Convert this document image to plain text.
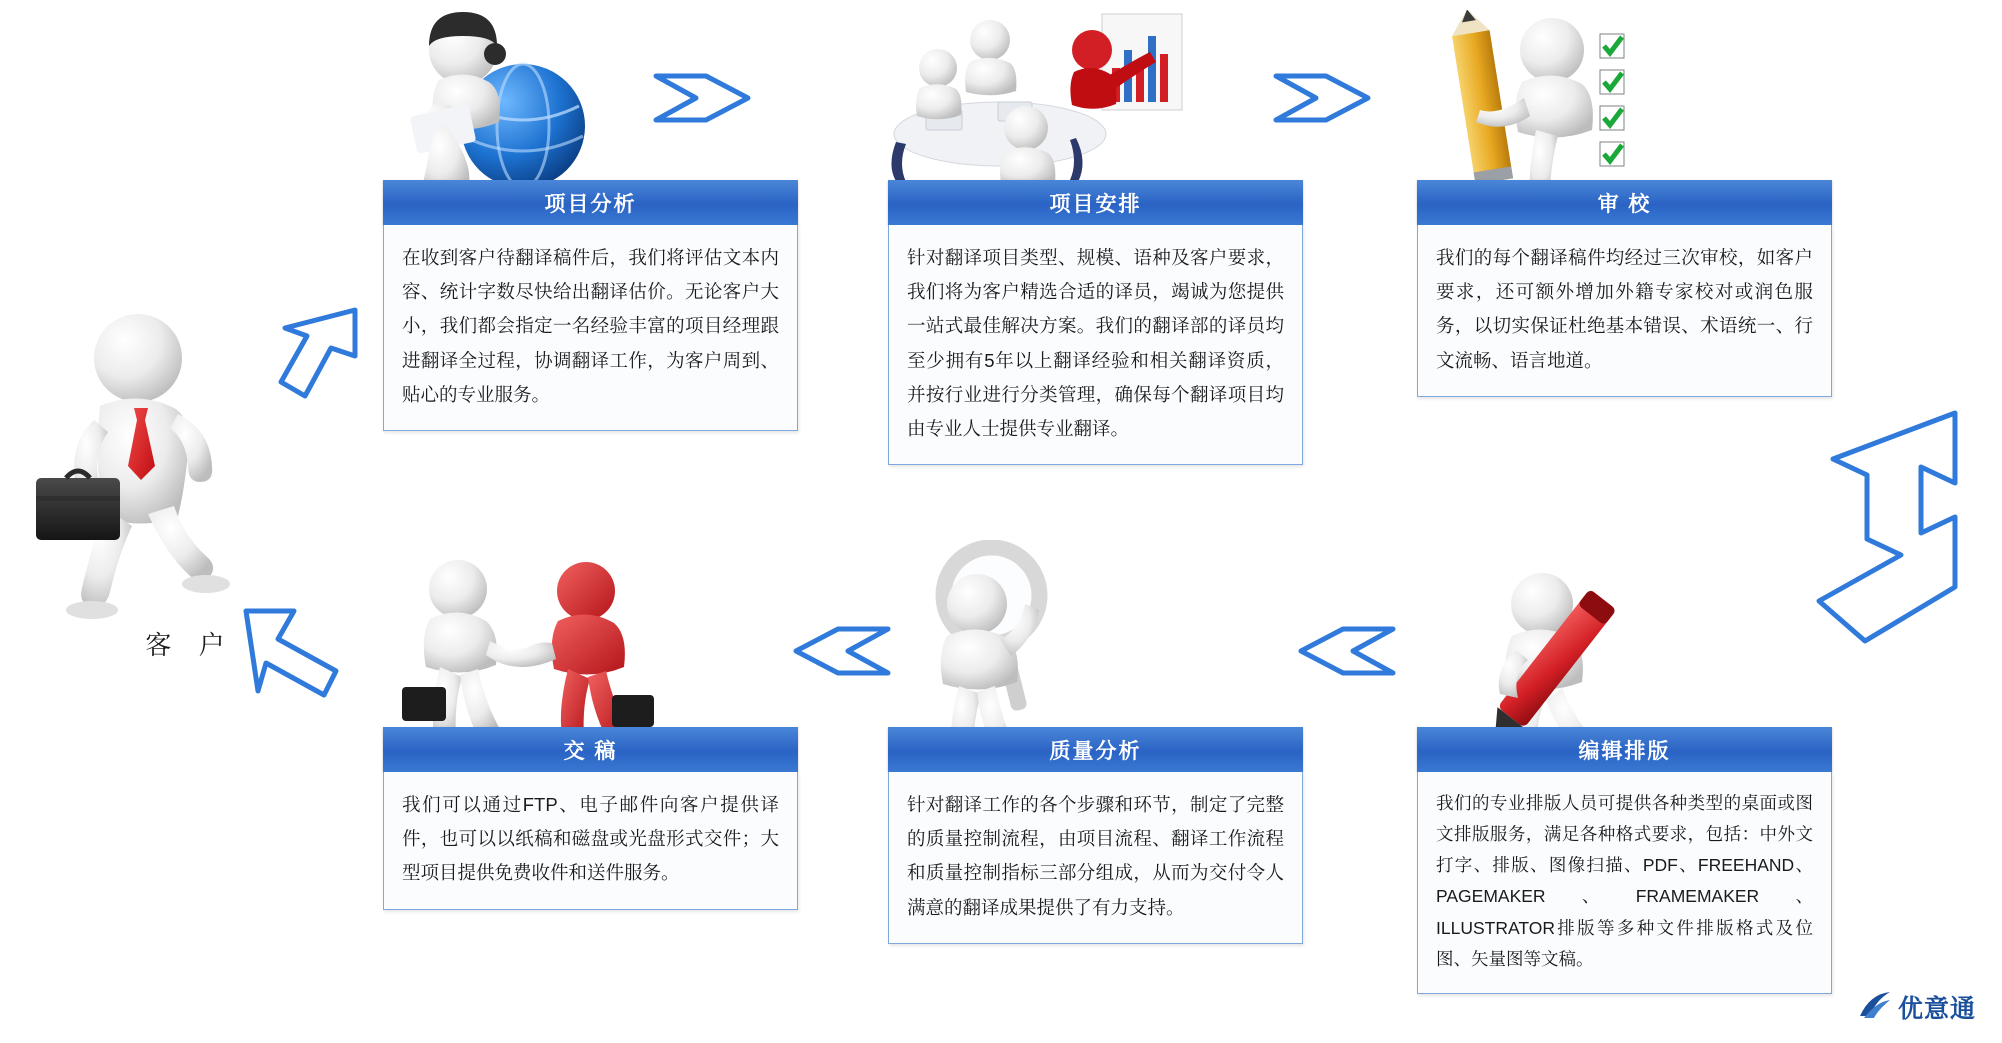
客 户
项目分析
在收到客户待翻译稿件后，我们将评估文本内容、统计字数尽快给出翻译估价。无论客户大小，我们都会指定一名经验丰富的项目经理跟进翻译全过程，协调翻译工作，为客户周到、贴心的专业服务。
项目安排
针对翻译项目类型、规模、语种及客户要求，我们将为客户精选合适的译员，竭诚为您提供一站式最佳解决方案。我们的翻译部的译员均至少拥有5年以上翻译经验和相关翻译资质，并按行业进行分类管理，确保每个翻译项目均由专业人士提供专业翻译。
审 校
我们的每个翻译稿件均经过三次审校，如客户要求，还可额外增加外籍专家校对或润色服务，以切实保证杜绝基本错误、术语统一、行文流畅、语言地道。
编辑排版
我们的专业排版人员可提供各种类型的桌面或图文排版服务，满足各种格式要求，包括：中外文打字、排版、图像扫描、PDF、FREEHAND、PAGEMAKER、FRAMEMAKER、ILLUSTRATOR排版等多种文件排版格式及位图、矢量图等文稿。
质量分析
针对翻译工作的各个步骤和环节，制定了完整的质量控制流程，由项目流程、翻译工作流程和质量控制指标三部分组成，从而为交付令人满意的翻译成果提供了有力支持。
交 稿
我们可以通过FTP、电子邮件向客户提供译件，也可以以纸稿和磁盘或光盘形式交件；大型项目提供免费收件和送件服务。
优意通
